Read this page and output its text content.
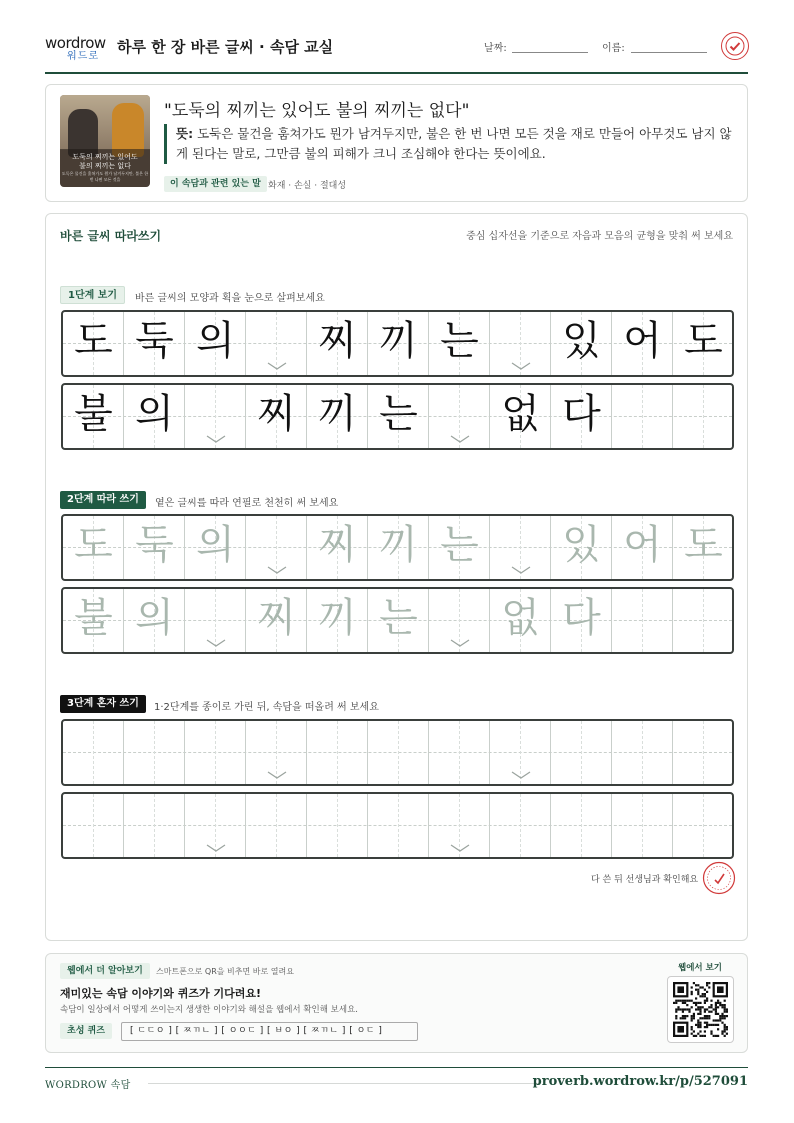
wordrow
워드로
하루 한 장 바른 글씨 · 속담 교실	날짜:	이름:
도둑의 찌끼는 있어도
불의 찌끼는 없다
도둑은 물건을 훔쳐가도 뭔가 남겨두지만, 불은 한 번 나면 모든 것을
"도둑의 찌끼는 있어도 불의 찌끼는 없다"
뜻: 도둑은 물건을 훔쳐가도 뭔가 남겨두지만, 불은 한 번 나면 모든 것을 재로 만들어 아무것도 남지 않게 된다는 말로, 그만큼 불의 피해가 크니 조심해야 한다는 뜻이에요.
이 속담과 관련 있는 말 화재 · 손실 · 절대성
바른 글씨 따라쓰기	중심 십자선을 기준으로 자음과 모음의 균형을 맞춰 써 보세요
1단계 보기	바른 글씨의 모양과 획을 눈으로 살펴보세요
도 둑 의 찌 끼 는 있 어 도
불 의 찌 끼 는 없 다
2단계 따라 쓰기	옅은 글씨를 따라 연필로 천천히 써 보세요
도 둑 의 찌 끼 는 있 어 도
불 의 찌 끼 는 없 다
3단계 혼자 쓰기	1·2단계를 종이로 가린 뒤, 속담을 떠올려 써 보세요
다 쓴 뒤 선생님과 확인해요
웹에서 더 알아보기	스마트폰으로 QR을 비추면 바로 열려요
재미있는 속담 이야기와 퀴즈가 기다려요!
속담이 일상에서 어떻게 쓰이는지 생생한 이야기와 해설을 웹에서 확인해 보세요.
초성 퀴즈	[ ㄷㄷㅇ ] [ ㅉㄲㄴ ] [ ㅇㅇㄷ ] [ ㅂㅇ ] [ ㅉㄲㄴ ] [ ㅇㄷ ]
웹에서 보기
WORDROW 속담	proverb.wordrow.kr/p/527091
